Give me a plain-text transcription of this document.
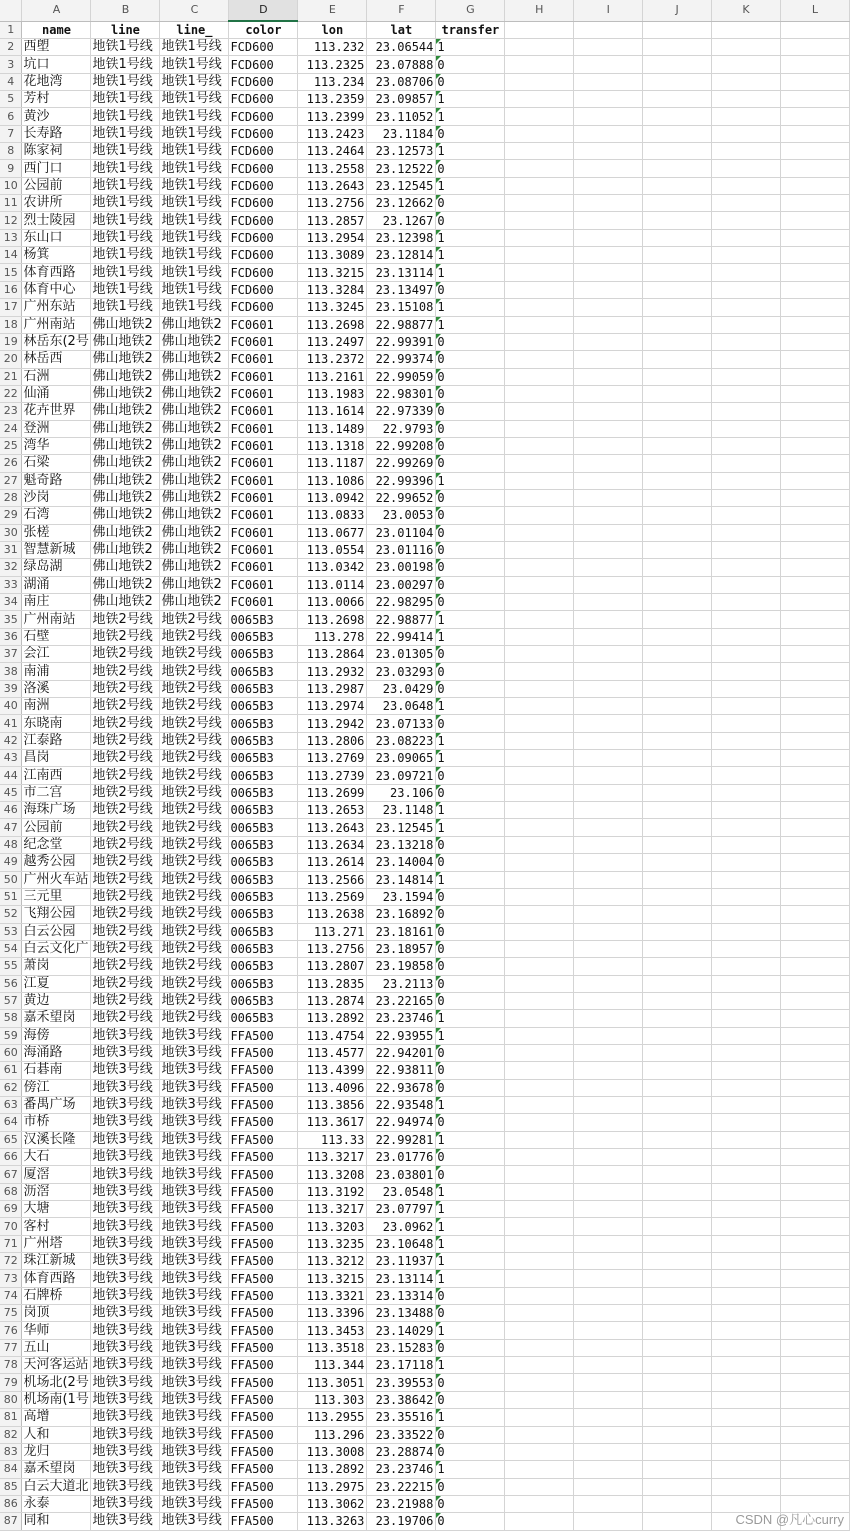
	A	B	C	D	E	F	G	H	I	J	K	L
1	name	line	line_	color	lon	lat	transfer					
2	西塱	地铁1号线	地铁1号线	FCD600	113.232	23.06544	1					
3	坑口	地铁1号线	地铁1号线	FCD600	113.2325	23.07888	0					
4	花地湾	地铁1号线	地铁1号线	FCD600	113.234	23.08706	0					
5	芳村	地铁1号线	地铁1号线	FCD600	113.2359	23.09857	1					
6	黄沙	地铁1号线	地铁1号线	FCD600	113.2399	23.11052	1					
7	长寿路	地铁1号线	地铁1号线	FCD600	113.2423	23.1184	0					
8	陈家祠	地铁1号线	地铁1号线	FCD600	113.2464	23.12573	1					
9	西门口	地铁1号线	地铁1号线	FCD600	113.2558	23.12522	0					
10	公园前	地铁1号线	地铁1号线	FCD600	113.2643	23.12545	1					
11	农讲所	地铁1号线	地铁1号线	FCD600	113.2756	23.12662	0					
12	烈士陵园	地铁1号线	地铁1号线	FCD600	113.2857	23.1267	0					
13	东山口	地铁1号线	地铁1号线	FCD600	113.2954	23.12398	1					
14	杨箕	地铁1号线	地铁1号线	FCD600	113.3089	23.12814	1					
15	体育西路	地铁1号线	地铁1号线	FCD600	113.3215	23.13114	1					
16	体育中心	地铁1号线	地铁1号线	FCD600	113.3284	23.13497	0					
17	广州东站	地铁1号线	地铁1号线	FCD600	113.3245	23.15108	1					
18	广州南站	佛山地铁2	佛山地铁2	FC0601	113.2698	22.98877	1					
19	林岳东(2号	佛山地铁2	佛山地铁2	FC0601	113.2497	22.99391	0					
20	林岳西	佛山地铁2	佛山地铁2	FC0601	113.2372	22.99374	0					
21	石洲	佛山地铁2	佛山地铁2	FC0601	113.2161	22.99059	0					
22	仙涌	佛山地铁2	佛山地铁2	FC0601	113.1983	22.98301	0					
23	花卉世界	佛山地铁2	佛山地铁2	FC0601	113.1614	22.97339	0					
24	登洲	佛山地铁2	佛山地铁2	FC0601	113.1489	22.9793	0					
25	湾华	佛山地铁2	佛山地铁2	FC0601	113.1318	22.99208	0					
26	石梁	佛山地铁2	佛山地铁2	FC0601	113.1187	22.99269	0					
27	魁奇路	佛山地铁2	佛山地铁2	FC0601	113.1086	22.99396	1					
28	沙岗	佛山地铁2	佛山地铁2	FC0601	113.0942	22.99652	0					
29	石湾	佛山地铁2	佛山地铁2	FC0601	113.0833	23.0053	0					
30	张槎	佛山地铁2	佛山地铁2	FC0601	113.0677	23.01104	0					
31	智慧新城	佛山地铁2	佛山地铁2	FC0601	113.0554	23.01116	0					
32	绿岛湖	佛山地铁2	佛山地铁2	FC0601	113.0342	23.00198	0					
33	湖涌	佛山地铁2	佛山地铁2	FC0601	113.0114	23.00297	0					
34	南庄	佛山地铁2	佛山地铁2	FC0601	113.0066	22.98295	0					
35	广州南站	地铁2号线	地铁2号线	0065B3	113.2698	22.98877	1					
36	石壁	地铁2号线	地铁2号线	0065B3	113.278	22.99414	1					
37	会江	地铁2号线	地铁2号线	0065B3	113.2864	23.01305	0					
38	南浦	地铁2号线	地铁2号线	0065B3	113.2932	23.03293	0					
39	洛溪	地铁2号线	地铁2号线	0065B3	113.2987	23.0429	0					
40	南洲	地铁2号线	地铁2号线	0065B3	113.2974	23.0648	1					
41	东晓南	地铁2号线	地铁2号线	0065B3	113.2942	23.07133	0					
42	江泰路	地铁2号线	地铁2号线	0065B3	113.2806	23.08223	1					
43	昌岗	地铁2号线	地铁2号线	0065B3	113.2769	23.09065	1					
44	江南西	地铁2号线	地铁2号线	0065B3	113.2739	23.09721	0					
45	市二宫	地铁2号线	地铁2号线	0065B3	113.2699	23.106	0					
46	海珠广场	地铁2号线	地铁2号线	0065B3	113.2653	23.1148	1					
47	公园前	地铁2号线	地铁2号线	0065B3	113.2643	23.12545	1					
48	纪念堂	地铁2号线	地铁2号线	0065B3	113.2634	23.13218	0					
49	越秀公园	地铁2号线	地铁2号线	0065B3	113.2614	23.14004	0					
50	广州火车站	地铁2号线	地铁2号线	0065B3	113.2566	23.14814	1					
51	三元里	地铁2号线	地铁2号线	0065B3	113.2569	23.1594	0					
52	飞翔公园	地铁2号线	地铁2号线	0065B3	113.2638	23.16892	0					
53	白云公园	地铁2号线	地铁2号线	0065B3	113.271	23.18161	0					
54	白云文化广	地铁2号线	地铁2号线	0065B3	113.2756	23.18957	0					
55	萧岗	地铁2号线	地铁2号线	0065B3	113.2807	23.19858	0					
56	江夏	地铁2号线	地铁2号线	0065B3	113.2835	23.2113	0					
57	黄边	地铁2号线	地铁2号线	0065B3	113.2874	23.22165	0					
58	嘉禾望岗	地铁2号线	地铁2号线	0065B3	113.2892	23.23746	1					
59	海傍	地铁3号线	地铁3号线	FFA500	113.4754	22.93955	1					
60	海涌路	地铁3号线	地铁3号线	FFA500	113.4577	22.94201	0					
61	石碁南	地铁3号线	地铁3号线	FFA500	113.4399	22.93811	0					
62	傍江	地铁3号线	地铁3号线	FFA500	113.4096	22.93678	0					
63	番禺广场	地铁3号线	地铁3号线	FFA500	113.3856	22.93548	1					
64	市桥	地铁3号线	地铁3号线	FFA500	113.3617	22.94974	0					
65	汉溪长隆	地铁3号线	地铁3号线	FFA500	113.33	22.99281	1					
66	大石	地铁3号线	地铁3号线	FFA500	113.3217	23.01776	0					
67	厦滘	地铁3号线	地铁3号线	FFA500	113.3208	23.03801	0					
68	沥滘	地铁3号线	地铁3号线	FFA500	113.3192	23.0548	1					
69	大塘	地铁3号线	地铁3号线	FFA500	113.3217	23.07797	1					
70	客村	地铁3号线	地铁3号线	FFA500	113.3203	23.0962	1					
71	广州塔	地铁3号线	地铁3号线	FFA500	113.3235	23.10648	1					
72	珠江新城	地铁3号线	地铁3号线	FFA500	113.3212	23.11937	1					
73	体育西路	地铁3号线	地铁3号线	FFA500	113.3215	23.13114	1					
74	石牌桥	地铁3号线	地铁3号线	FFA500	113.3321	23.13314	0					
75	岗顶	地铁3号线	地铁3号线	FFA500	113.3396	23.13488	0					
76	华师	地铁3号线	地铁3号线	FFA500	113.3453	23.14029	1					
77	五山	地铁3号线	地铁3号线	FFA500	113.3518	23.15283	0					
78	天河客运站	地铁3号线	地铁3号线	FFA500	113.344	23.17118	1					
79	机场北(2号	地铁3号线	地铁3号线	FFA500	113.3051	23.39553	0					
80	机场南(1号	地铁3号线	地铁3号线	FFA500	113.303	23.38642	0					
81	高增	地铁3号线	地铁3号线	FFA500	113.2955	23.35516	1					
82	人和	地铁3号线	地铁3号线	FFA500	113.296	23.33522	0					
83	龙归	地铁3号线	地铁3号线	FFA500	113.3008	23.28874	0					
84	嘉禾望岗	地铁3号线	地铁3号线	FFA500	113.2892	23.23746	1					
85	白云大道北	地铁3号线	地铁3号线	FFA500	113.2975	23.22215	0					
86	永泰	地铁3号线	地铁3号线	FFA500	113.3062	23.21988	0					
87	同和	地铁3号线	地铁3号线	FFA500	113.3263	23.19706	0						CSDN @凡心curry
